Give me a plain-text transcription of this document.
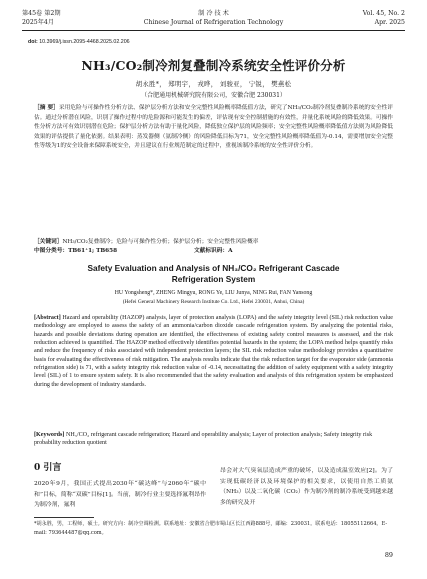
第45卷 第2期
2025年4月
制 冷 技 术
Chinese Journal of Refrigeration Technology
Vol. 45, No. 2
Apr. 2025
doi: 10.3969/j.issn.2095-4468.2025.02.206
NH₃/CO₂制冷剂复叠制冷系统安全性评价分析
胡永胜*， 郑明宇， 戎晔， 刘骏亚， 宁锐， 樊燕松
（合肥通用机械研究院有限公司，安徽合肥 230031）
［摘 要］采用危险与可操作性分析方法、保护层分析方法和安全完整性风险概率降低值方法，研究了NH₃/CO₂制冷剂复叠制冷系统的安全性评估。通过分析潜在风险，识别了操作过程中的危险源和可能发生的偏差，评估现有安全控制措施的有效性，并量化系统风险的降低效果。可操作性分析方法可有效识别潜在危险；保护层分析方法有助于量化风险，降低独立保护层的风险频率；安全完整性风险概率降低值方法则为风险降低效果的评估提供了量化依据。结果表明：蒸发器侧（氨制冷侧）的风险降低目标为71，安全完整性风险概率降低值为-0.14，需要增加安全完整性等级为1的安全设备来保障系统安全，并且建议在行业规范制定的过程中，重视该制冷系统的安全性评价分析。
［关键词］NH₃/CO₂复叠制冷；危险与可操作性分析；保护层分析；安全完整性风险概率
中图分类号：TB61⁺1; TB658	文献标识码：A
Safety Evaluation and Analysis of NH₃/CO₂ Refrigerant Cascade
Refrigeration System
HU Yongsheng*, ZHENG Mingyu, RONG Ye, LIU Junya, NING Rui, FAN Yansong
(Hefei General Machinery Research Institute Co. Ltd., Hefei 230031, Anhui, China)
[Abstract] Hazard and operability (HAZOP) analysis, layer of protection analysis (LOPA) and the safety integrity level (SIL) risk reduction value methodology are employed to assess the safety of an ammonia/carbon dioxide cascade refrigeration system. By analyzing the potential risks, hazards and possible deviations during operation are identified, the effectiveness of existing safety control measures is assessed, and the risk reduction achieved is quantified. The HAZOP method effectively identifies potential hazards in the system; the LOPA method helps quantify risks and reduce the frequency of risks associated with independent protection layers; the SIL risk reduction value methodology provides a quantitative basis for evaluating the effectiveness of risk mitigation. The analysis results indicate that the risk reduction target for the evaporator side (ammonia refrigeration side) is 71, with a safety integrity risk reduction value of -0.14, necessitating the addition of safety equipment with a safety integrity level (SIL) of 1 to ensure system safety. It is also recommended that the safety evaluation and analysis of this refrigeration system be emphasized during the development of industry standards.
[Keywords] NH₃/CO₂ refrigerant cascade refrigeration; Hazard and operability analysis; Layer of protection analysis; Safety integrity risk probability reduction quotient
0 引言
2020年9月，我国正式提出2030年“碳达峰”与2060年“碳中和”目标，简称“双碳”目标[1]。当前，制冷行业主要选择氟利昂作为制冷剂，氟利
昂会对大气臭氧层造成严重的破坏，以及造成温室效应[2]。为了实现低碳经济以及环境保护的相关要求，以使用自然工质氨（NH₃）以及二氧化碳（CO₂）作为制冷剂的制冷系统受到越来越多的研究及开
*胡永胜，男，工程师，硕士。研究方向：制冷空调检测。联系地址：安徽省合肥市蜀山区长江西路888号，邮编：230031。联系电话：18055112664。E-mail: 793644487@qq.com。
89
